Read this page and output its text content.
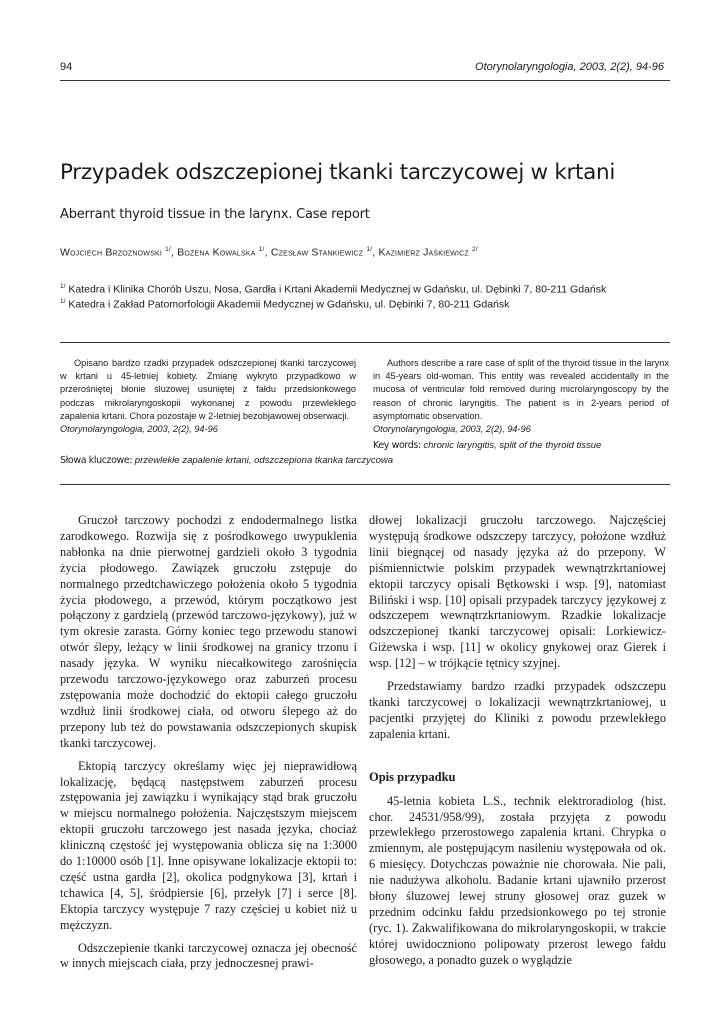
94	Otorynolaryngologia, 2003, 2(2), 94-96
Przypadek odszczepionej tkanki tarczycowej w krtani
Aberrant thyroid tissue in the larynx. Case report
Wojciech Brzoznowski $^{1/}$, Bożena Kowalska $^{1/}$, Czesław Stankiewicz $^{1/}$, Kazimierz Jaśkiewicz $^{2/}$
$^{1/}$ Katedra i Klinika Chorób Uszu, Nosa, Gardła i Krtani Akademii Medycznej w Gdańsku, ul. Dębinki 7, 80-211 Gdańsk
$^{1/}$ Katedra i Zakład Patomorfologii Akademii Medycznej w Gdańsku, ul. Dębinki 7, 80-211 Gdańsk
Opisano bardzo rzadki przypadek odszczepionej tkanki tarczycowej w krtani u 45-letniej kobiety. Zmianę wykryto przypadkowo w przerośniętej błonie śluzowej usuniętej z fałdu przedsionkowego podczas mikrolaryngoskopii wykonanej z powodu przewlekłego zapalenia krtani. Chora pozostaje w 2-letniej bezobjawowej obserwacji.
Otorynolaryngologia, 2003, 2(2), 94-96
Authors describe a rare case of split of the thyroid tissue in the larynx in 45-years old-woman. This entity was revealed accidentally in the mucosa of ventricular fold removed during microlaryngoscopy by the reason of chronic laryngitis. The patient is in 2-years period of asymptomatic observation.
Otorynolaryngologia, 2003, 2(2), 94-96
Słowa kluczowe: przewlekłe zapalenie krtani, odszczepiona tkanka tarczycowa
Key words: chronic laryngitis, split of the thyroid tissue

Gruczoł tarczowy pochodzi z endodermalnego listka zarodkowego. Rozwija się z pośrodkowego uwypuklenia nabłonka na dnie pierwotnej gardzieli około 3 tygodnia życia płodowego. Zawiązek gruczołu zstępuje do normalnego przedtchawiczego położenia około 5 tygodnia życia płodowego, a przewód, którym początkowo jest połączony z gardzielą (przewód tarczowo-językowy), już w tym okresie zarasta. Górny koniec tego przewodu stanowi otwór ślepy, leżący w linii środkowej na granicy trzonu i nasady języka. W wyniku niecałkowitego zarośnięcia przewodu tarczowo-językowego oraz zaburzeń procesu zstępowania może dochodzić do ektopii całego gruczołu wzdłuż linii środkowej ciała, od otworu ślepego aż do przepony lub też do powstawania odszczepionych skupisk tkanki tarczycowej.

Ektopią tarczycy określamy więc jej nieprawidłową lokalizację, będącą następstwem zaburzeń procesu zstępowania jej zawiązku i wynikający stąd brak gruczołu w miejscu normalnego położenia. Najczęstszym miejscem ektopii gruczołu tarczowego jest nasada języka, chociaż kliniczną częstość jej występowania oblicza się na 1:3000 do 1:10000 osób [1]. Inne opisywane lokalizacje ektopii to: część ustna gardła [2], okolica podgnykowa [3], krtań i tchawica [4, 5], śródpiersie [6], przełyk [7] i serce [8]. Ektopia tarczycy występuje 7 razy częściej u kobiet niż u mężczyzn.

Odszczepienie tkanki tarczycowej oznacza jej obecność w innych miejscach ciała, przy jednoczesnej prawi-

dłowej lokalizacji gruczołu tarczowego. Najczęściej występują środkowe odszczepy tarczycy, położone wzdłuż linii biegnącej od nasady języka aż do przepony. W piśmiennictwie polskim przypadek wewnątrzkrtaniowej ektopii tarczycy opisali Bętkowski i wsp. [9], natomiast Biliński i wsp. [10] opisali przypadek tarczycy językowej z odszczepem wewnątrzkrtaniowym. Rzadkie lokalizacje odszczepionej tkanki tarczycowej opisali: Lorkiewicz-Giżewska i wsp. [11] w okolicy gnykowej oraz Gierek i wsp. [12] – w trójkącie tętnicy szyjnej.

Przedstawiamy bardzo rzadki przypadek odszczepu tkanki tarczycowej o lokalizacji wewnątrzkrtaniowej, u pacjentki przyjętej do Kliniki z powodu przewlekłego zapalenia krtani.

Opis przypadku

45-letnia kobieta L.S., technik elektroradiolog (hist. chor. 24531/958/99), została przyjęta z powodu przewlekłego przerostowego zapalenia krtani. Chrypka o zmiennym, ale postępującym nasileniu występowała od ok. 6 miesięcy. Dotychczas poważnie nie chorowała. Nie pali, nie nadużywa alkoholu. Badanie krtani ujawniło przerost błony śluzowej lewej struny głosowej oraz guzek w przednim odcinku fałdu przedsionkowego po tej stronie (ryc. 1). Zakwalifikowana do mikrolaryngoskopii, w trakcie której uwidoczniono polipowaty przerost lewego fałdu głosowego, a ponadto guzek o wyglądzie
